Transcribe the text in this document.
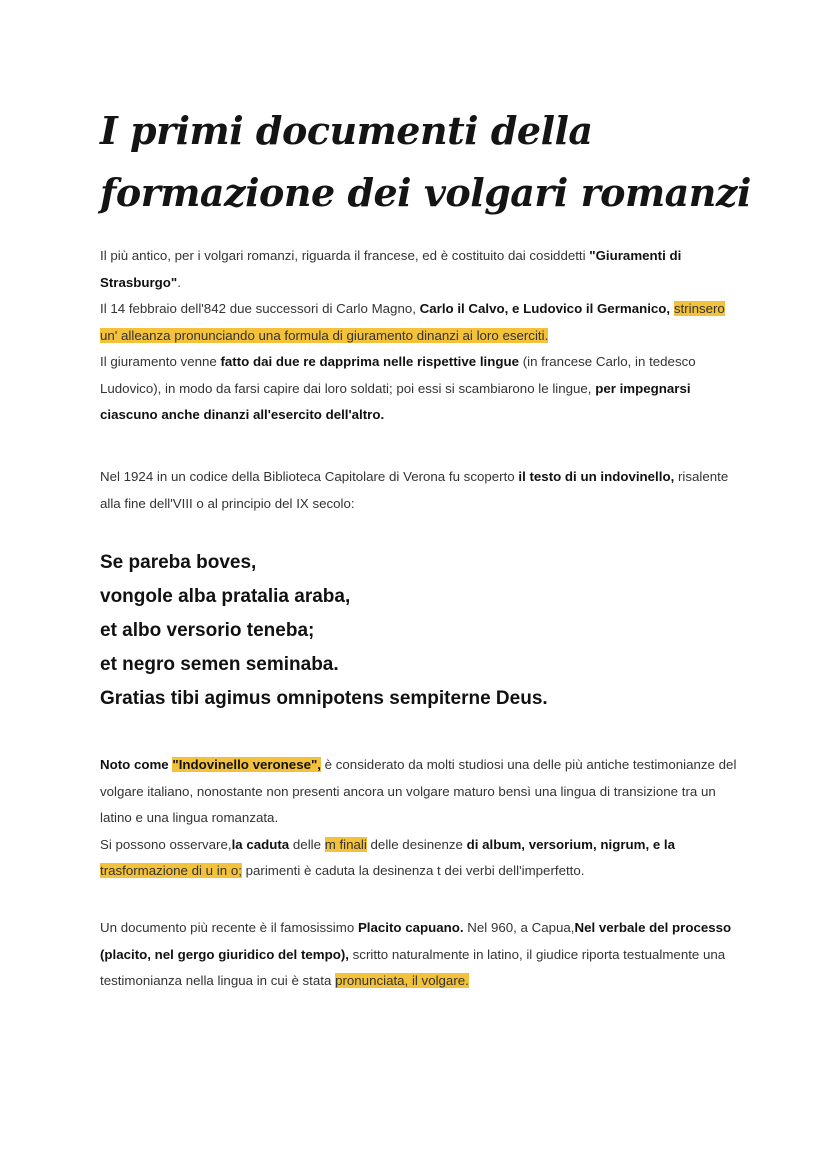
I primi documenti della formazione dei volgari romanzi

Il più antico, per i volgari romanzi, riguarda il francese, ed è costituito dai cosiddetti "Giuramenti di Strasburgo".

Il 14 febbraio dell'842 due successori di Carlo Magno, Carlo il Calvo, e Ludovico il Germanico, strinsero un' alleanza pronunciando una formula di giuramento dinanzi ai loro eserciti.

Il giuramento venne fatto dai due re dapprima nelle rispettive lingue (in francese Carlo, in tedesco Ludovico), in modo da farsi capire dai loro soldati; poi essi si scambiarono le lingue, per impegnarsi ciascuno anche dinanzi all'esercito dell'altro.

Nel 1924 in un codice della Biblioteca Capitolare di Verona fu scoperto il testo di un indovinello, risalente alla fine dell'VIII o al principio del IX secolo:

Se pareba boves,
vongole alba pratalia araba,
et albo versorio teneba;
et negro semen seminaba.
Gratias tibi agimus omnipotens sempiterne Deus.

Noto come "Indovinello veronese", è considerato da molti studiosi una delle più antiche testimonianze del volgare italiano, nonostante non presenti ancora un volgare maturo bensì una lingua di transizione tra un latino e una lingua romanzata.

Si possono osservare,la caduta delle m finali delle desinenze di album, versorium, nigrum, e la trasformazione di u in o; parimenti è caduta la desinenza t dei verbi dell'imperfetto.

Un documento più recente è il famosissimo Placito capuano. Nel 960, a Capua,Nel verbale del processo (placito, nel gergo giuridico del tempo), scritto naturalmente in latino, il giudice riporta testualmente una testimonianza nella lingua in cui è stata pronunciata, il volgare.
